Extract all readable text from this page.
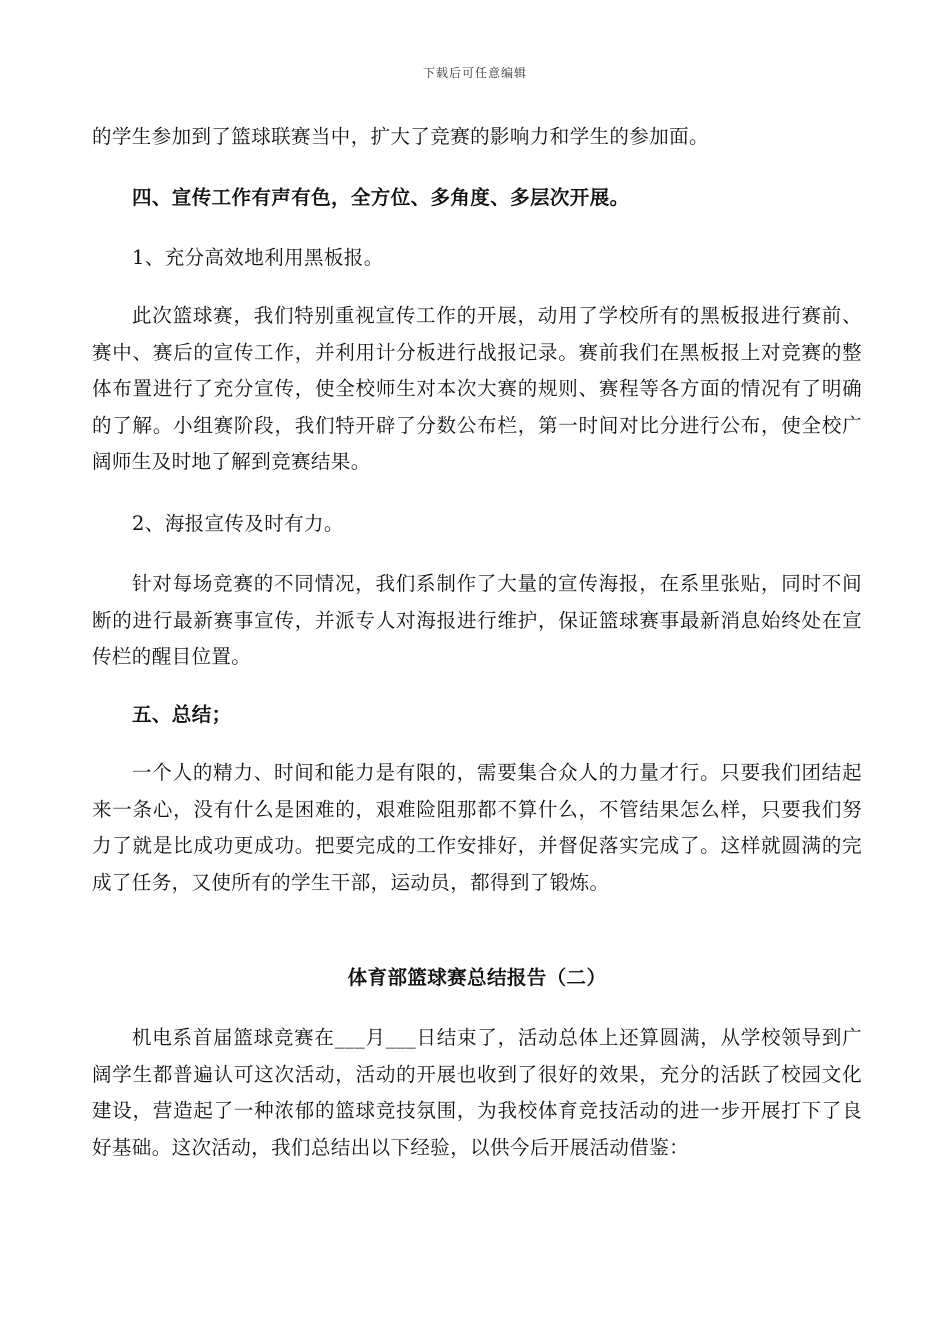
下载后可任意编辑

的学生参加到了篮球联赛当中，扩大了竞赛的影响力和学生的参加面。

四、宣传工作有声有色，全方位、多角度、多层次开展。

1、充分高效地利用黑板报。

此次篮球赛，我们特别重视宣传工作的开展，动用了学校所有的黑板报进行赛前、赛中、赛后的宣传工作，并利用计分板进行战报记录。赛前我们在黑板报上对竞赛的整体布置进行了充分宣传，使全校师生对本次大赛的规则、赛程等各方面的情况有了明确的了解。小组赛阶段，我们特开辟了分数公布栏，第一时间对比分进行公布，使全校广阔师生及时地了解到竞赛结果。

2、海报宣传及时有力。

针对每场竞赛的不同情况，我们系制作了大量的宣传海报，在系里张贴，同时不间断的进行最新赛事宣传，并派专人对海报进行维护，保证篮球赛事最新消息始终处在宣传栏的醒目位置。

五、总结；

一个人的精力、时间和能力是有限的，需要集合众人的力量才行。只要我们团结起来一条心，没有什么是困难的，艰难险阻那都不算什么，不管结果怎么样，只要我们努力了就是比成功更成功。把要完成的工作安排好，并督促落实完成了。这样就圆满的完成了任务，又使所有的学生干部，运动员，都得到了锻炼。

体育部篮球赛总结报告（二）

机电系首届篮球竞赛在___月___日结束了，活动总体上还算圆满，从学校领导到广阔学生都普遍认可这次活动，活动的开展也收到了很好的效果，充分的活跃了校园文化建设，营造起了一种浓郁的篮球竞技氛围，为我校体育竞技活动的进一步开展打下了良好基础。这次活动，我们总结出以下经验，以供今后开展活动借鉴：
